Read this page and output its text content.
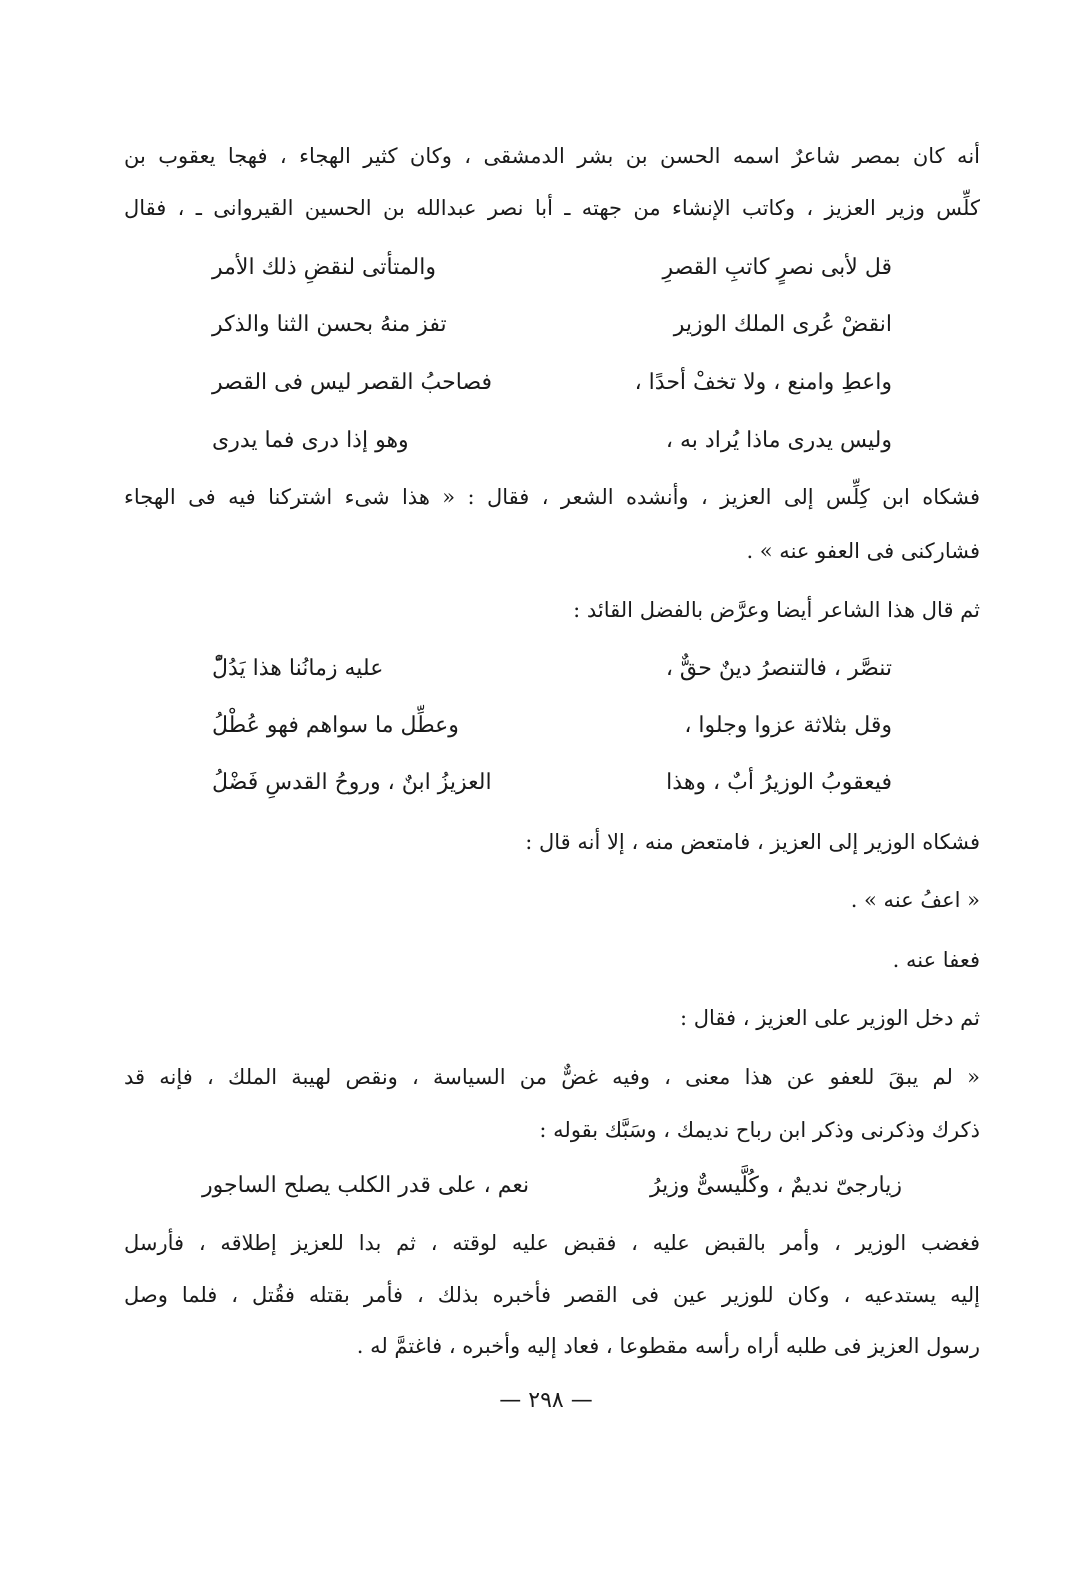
أنه كان بمصر شاعرٌ اسمه الحسن بن بشر الدمشقى ، وكان كثير الهجاء ، فهجا يعقوب بن
كلِّس وزير العزيز ، وكاتب الإنشاء من جهته ـ أبا نصر عبدالله بن الحسين القيروانى ـ ، فقال
قل لأبى نصرٍ كاتبِ القصرِ
والمتأتى لنقضِ ذلك الأمر
انقضْ عُرى الملك الوزير
تفز منهُ بحسن الثنا والذكر
واعطِ وامنع ، ولا تخفْ أحدًا ،
فصاحبُ القصر ليس فى القصر
وليس يدرى ماذا يُراد به ،
وهو إذا درى فما يدرى
فشكاه ابن كِلِّس إلى العزيز ، وأنشده الشعر ، فقال : « هذا شىء اشتركنا فيه فى الهجاء
فشاركنى فى العفو عنه » .
ثم قال هذا الشاعر أيضا وعرَّض بالفضل القائد :
تنصَّر ، فالتنصرُ دينٌ حقٌّ ،
عليه زمانُنا هذا يَدُلّْ
وقل بثلاثة عزوا وجلوا ،
وعطِّل ما سواهم فهو عُطْلُ
فيعقوبُ الوزيرُ أبٌ ، وهذا
العزيزُ ابنٌ ، وروحُ القدسِ فَضْلُ
فشكاه الوزير إلى العزيز ، فامتعض منه ، إلا أنه قال :
« اعفُ عنه » .
فعفا عنه .
ثم دخل الوزير على العزيز ، فقال :
« لم يبقَ للعفو عن هذا معنى ، وفيه غضٌّ من السياسة ، ونقص لهيبة الملك ، فإنه قد
ذكرك وذكرنى وذكر ابن رباح نديمك ، وسَبَّك بقوله :
زيارجىّ نديمٌ ، وكُلَّيسىٌّ وزيرُ
نعم ، على قدر الكلب يصلح الساجور
فغضب الوزير ، وأمر بالقبض عليه ، فقبض عليه لوقته ، ثم بدا للعزيز إطلاقه ، فأرسل
إليه يستدعيه ، وكان للوزير عين فى القصر فأخبره بذلك ، فأمر بقتله فقُتل ، فلما وصل
رسول العزيز فى طلبه أراه رأسه مقطوعا ، فعاد إليه وأخبره ، فاغتمَّ له .
— ٢٩٨ —
